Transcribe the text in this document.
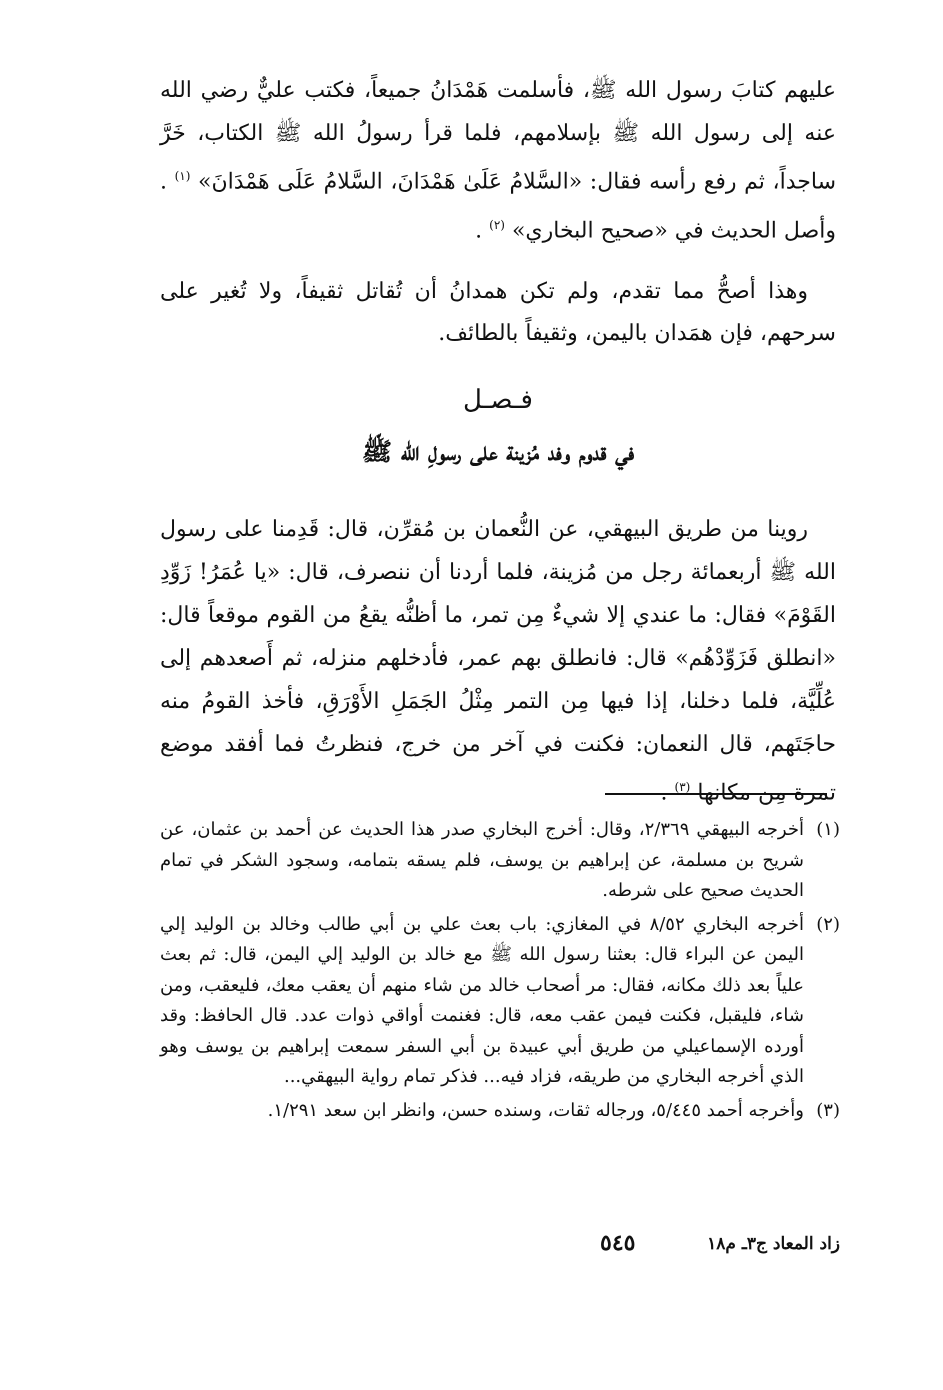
عليهم كتابَ رسول الله ﷺ، فأسلمت هَمْدَانُ جميعاً، فكتب عليٌّ رضي الله عنه إلى رسول الله ﷺ بإسلامهم، فلما قرأ رسولُ الله ﷺ الكتاب، خَرَّ ساجداً، ثم رفع رأسه فقال: «السَّلامُ عَلَىٰ هَمْدَانَ، السَّلامُ عَلَى هَمْدَانَ» $^{(١)}$ . وأصل الحديث في «صحيح البخاري» $^{(٢)}$ .

وهذا أصحُّ مما تقدم، ولم تكن همدانُ أن تُقاتل ثقيفاً، ولا تُغير على سرحهم، فإن همَدان باليمن، وثقيفاً بالطائف.

فـصـل
في قدوم وفد مُزينة على رسولِ الله ﷺ
روينا من طريق البيهقي، عن النُّعمان بن مُقرِّن، قال: قَدِمنا على رسول الله ﷺ أربعمائة رجل من مُزينة، فلما أردنا أن ننصرف، قال: «يا عُمَرُ! زَوِّدِ القَوْمَ» فقال: ما عندي إلا شيءٌ مِن تمر، ما أظنُّه يقعُ من القوم موقعاً قال: «انطلق فَزَوِّدْهُم» قال: فانطلق بهم عمر، فأدخلهم منزله، ثم أَصعدهم إلى عُلِّيَّة، فلما دخلنا، إذا فيها مِن التمر مِثْلُ الجَمَلِ الأَوْرَقِ، فأخذ القومُ منه حاجَتَهم، قال النعمان: فكنت في آخر من خرج، فنظرتُ فما أفقد موضع تمرة مِن مكانها $^{(٣)}$ .
(١)
أخرجه البيهقي ٢/٣٦٩، وقال: أخرج البخاري صدر هذا الحديث عن أحمد بن عثمان، عن شريح بن مسلمة، عن إبراهيم بن يوسف، فلم يسقه بتمامه، وسجود الشكر في تمام الحديث صحيح على شرطه.
(٢)
أخرجه البخاري ٨/٥٢ في المغازي: باب بعث علي بن أبي طالب وخالد بن الوليد إلي اليمن عن البراء قال: بعثنا رسول الله ﷺ مع خالد بن الوليد إلي اليمن، قال: ثم بعث علياً بعد ذلك مكانه، فقال: مر أصحاب خالد من شاء منهم أن يعقب معك، فليعقب، ومن شاء، فليقبل، فكنت فيمن عقب معه، قال: فغنمت أواقي ذوات عدد. قال الحافظ: وقد أورده الإسماعيلي من طريق أبي عبيدة بن أبي السفر سمعت إبراهيم بن يوسف وهو الذي أخرجه البخاري من طريقه، فزاد فيه... فذكر تمام رواية البيهقي...
(٣)
وأخرجه أحمد ٥/٤٤٥، ورجاله ثقات، وسنده حسن، وانظر ابن سعد ١/٢٩١.
زاد المعاد ج٣ـ م١٨
٥٤٥
